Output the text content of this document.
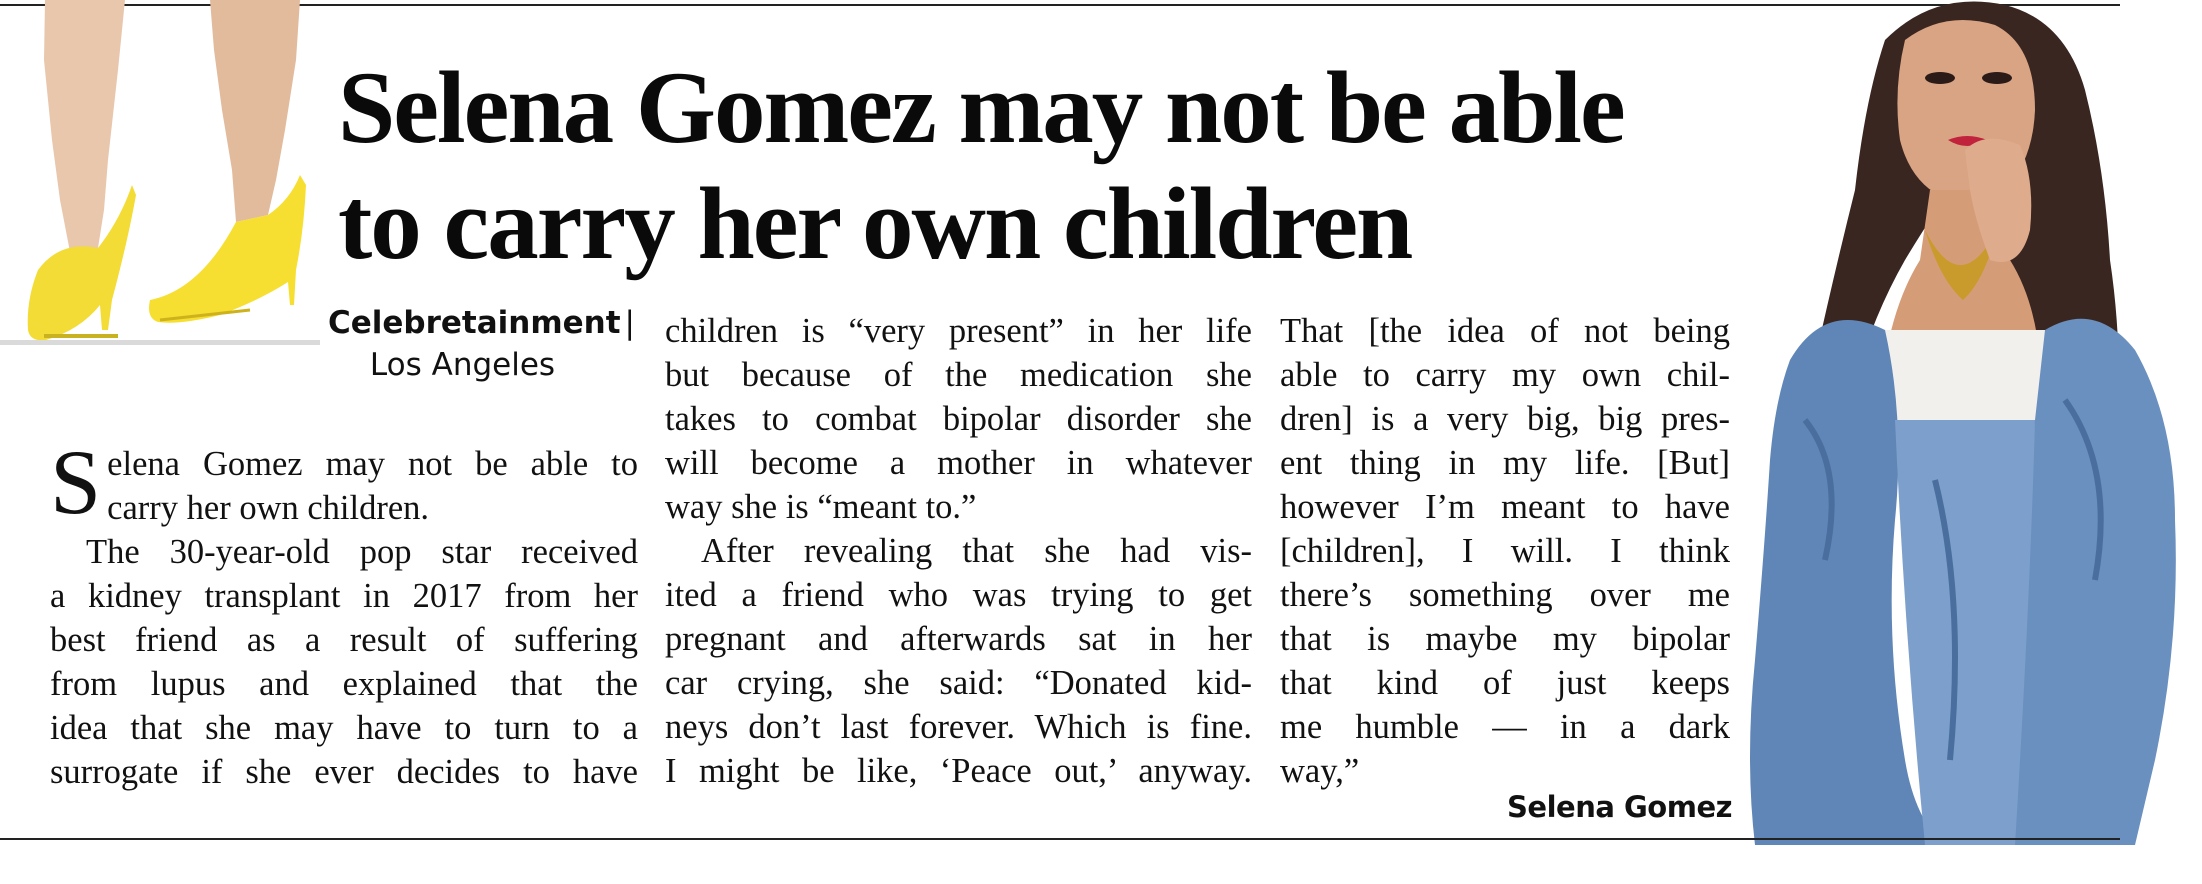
Selena Gomez may not be able
to carry her own children
Celebretainment |
Los Angeles
S elena Gomez may not be able to
carry her own children.
The 30-year-old pop star received
a kidney transplant in 2017 from her
best friend as a result of suffering
from lupus and explained that the
idea that she may have to turn to a
surrogate if she ever decides to have
children is “very present” in her life
but because of the medication she
takes to combat bipolar disorder she
will become a mother in whatever
way she is “meant to.”
After revealing that she had vis-
ited a friend who was trying to get
pregnant and afterwards sat in her
car crying, she said: “Donated kid-
neys don’t last forever. Which is fine.
I might be like, ‘Peace out,’ anyway.
That [the idea of not being
able to carry my own chil-
dren] is a very big, big pres-
ent thing in my life. [But]
however I’m meant to have
[children], I will. I think
there’s something over me
that is maybe my bipolar
that kind of just keeps
me humble — in a dark
way,”
Selena Gomez
